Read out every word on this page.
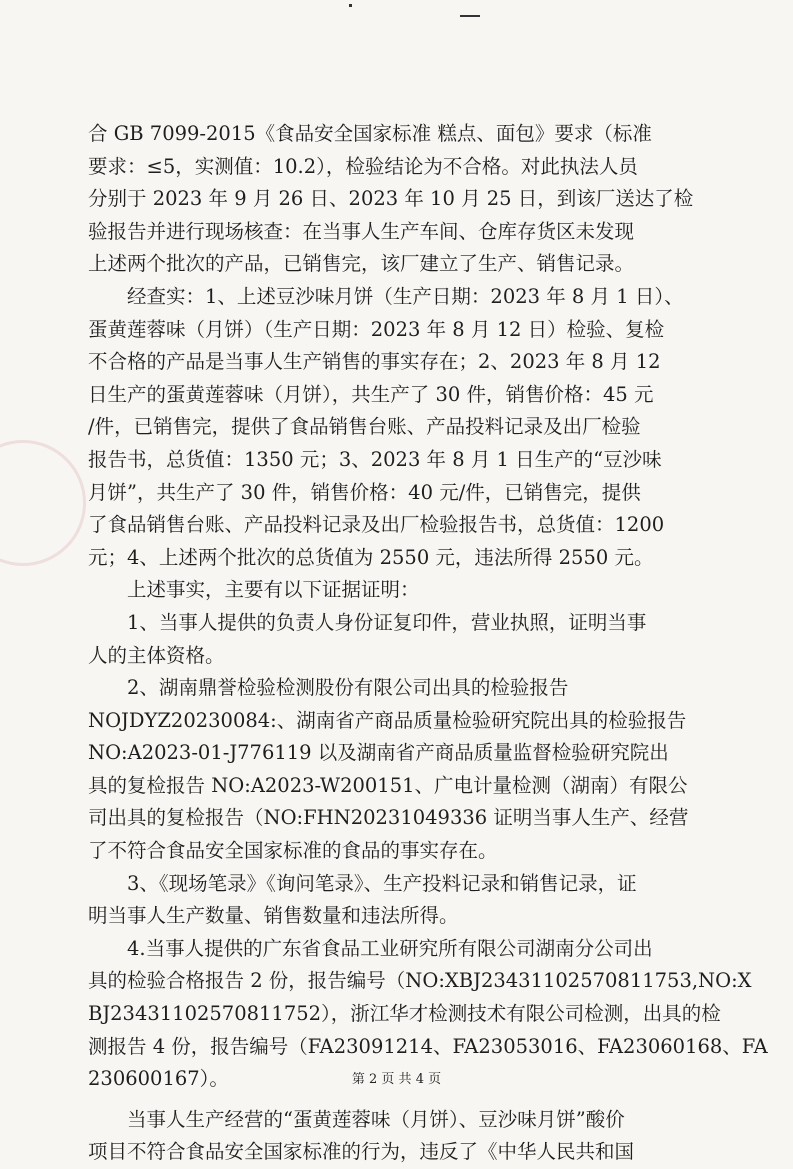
合 GB 7099-2015《食品安全国家标准 糕点、面包》要求（标准
要求：≤5，实测值：10.2），检验结论为不合格。对此执法人员
分别于 2023 年 9 月 26 日、2023 年 10 月 25 日，到该厂送达了检
验报告并进行现场核查：在当事人生产车间、仓库存货区未发现
上述两个批次的产品，已销售完，该厂建立了生产、销售记录。
经查实：1、上述豆沙味月饼（生产日期：2023 年 8 月 1 日）、
蛋黄莲蓉味（月饼）（生产日期：2023 年 8 月 12 日）检验、复检
不合格的产品是当事人生产销售的事实存在；2、2023 年 8 月 12
日生产的蛋黄莲蓉味（月饼），共生产了 30 件，销售价格：45 元
/件，已销售完，提供了食品销售台账、产品投料记录及出厂检验
报告书，总货值：1350 元；3、2023 年 8 月 1 日生产的“豆沙味
月饼”，共生产了 30 件，销售价格：40 元/件，已销售完，提供
了食品销售台账、产品投料记录及出厂检验报告书，总货值：1200
元；4、上述两个批次的总货值为 2550 元，违法所得 2550 元。
上述事实，主要有以下证据证明：
1、当事人提供的负责人身份证复印件，营业执照，证明当事
人的主体资格。
2、湖南鼎誉检验检测股份有限公司出具的检验报告
NOJDYZ20230084:、湖南省产商品质量检验研究院出具的检验报告
NO:A2023-01-J776119 以及湖南省产商品质量监督检验研究院出
具的复检报告 NO:A2023-W200151、广电计量检测（湖南）有限公
司出具的复检报告（NO:FHN20231049336 证明当事人生产、经营
了不符合食品安全国家标准的食品的事实存在。
3、《现场笔录》《询问笔录》、生产投料记录和销售记录，证
明当事人生产数量、销售数量和违法所得。
4.当事人提供的广东省食品工业研究所有限公司湖南分公司出
具的检验合格报告 2 份，报告编号（NO:XBJ23431102570811753,NO:X
BJ23431102570811752），浙江华才检测技术有限公司检测，出具的检
测报告 4 份，报告编号（FA23091214、FA23053016、FA23060168、FA
230600167）。
当事人生产经营的“蛋黄莲蓉味（月饼）、豆沙味月饼”酸价
项目不符合食品安全国家标准的行为，违反了《中华人民共和国
第 2 页 共 4 页
